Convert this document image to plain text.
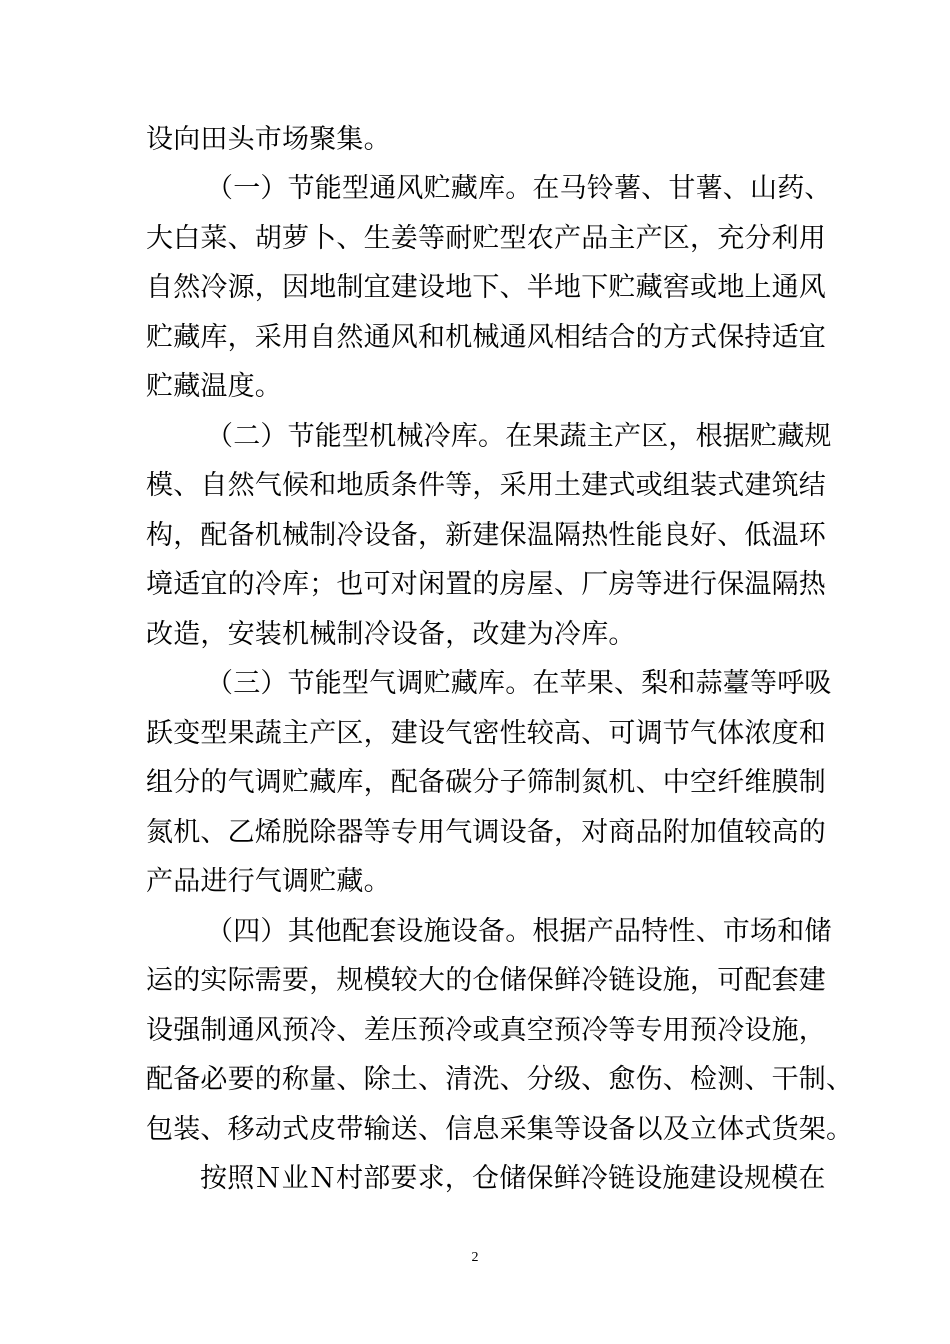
设向田头市场聚集。
（一）节能型通风贮藏库。在马铃薯、甘薯、山药、
大白菜、胡萝卜、生姜等耐贮型农产品主产区，充分利用
自然冷源，因地制宜建设地下、半地下贮藏窖或地上通风
贮藏库，采用自然通风和机械通风相结合的方式保持适宜
贮藏温度。
（二）节能型机械冷库。在果蔬主产区，根据贮藏规
模、自然气候和地质条件等，采用土建式或组装式建筑结
构，配备机械制冷设备，新建保温隔热性能良好、低温环
境适宜的冷库；也可对闲置的房屋、厂房等进行保温隔热
改造，安装机械制冷设备，改建为冷库。
（三）节能型气调贮藏库。在苹果、梨和蒜薹等呼吸
跃变型果蔬主产区，建设气密性较高、可调节气体浓度和
组分的气调贮藏库，配备碳分子筛制氮机、中空纤维膜制
氮机、乙烯脱除器等专用气调设备，对商品附加值较高的
产品进行气调贮藏。
（四）其他配套设施设备。根据产品特性、市场和储
运的实际需要，规模较大的仓储保鲜冷链设施，可配套建
设强制通风预冷、差压预冷或真空预冷等专用预冷设施，
配备必要的称量、除土、清洗、分级、愈伤、检测、干制、
包装、移动式皮带输送、信息采集等设备以及立体式货架。
按照Ｎ业Ｎ村部要求，仓储保鲜冷链设施建设规模在
2
